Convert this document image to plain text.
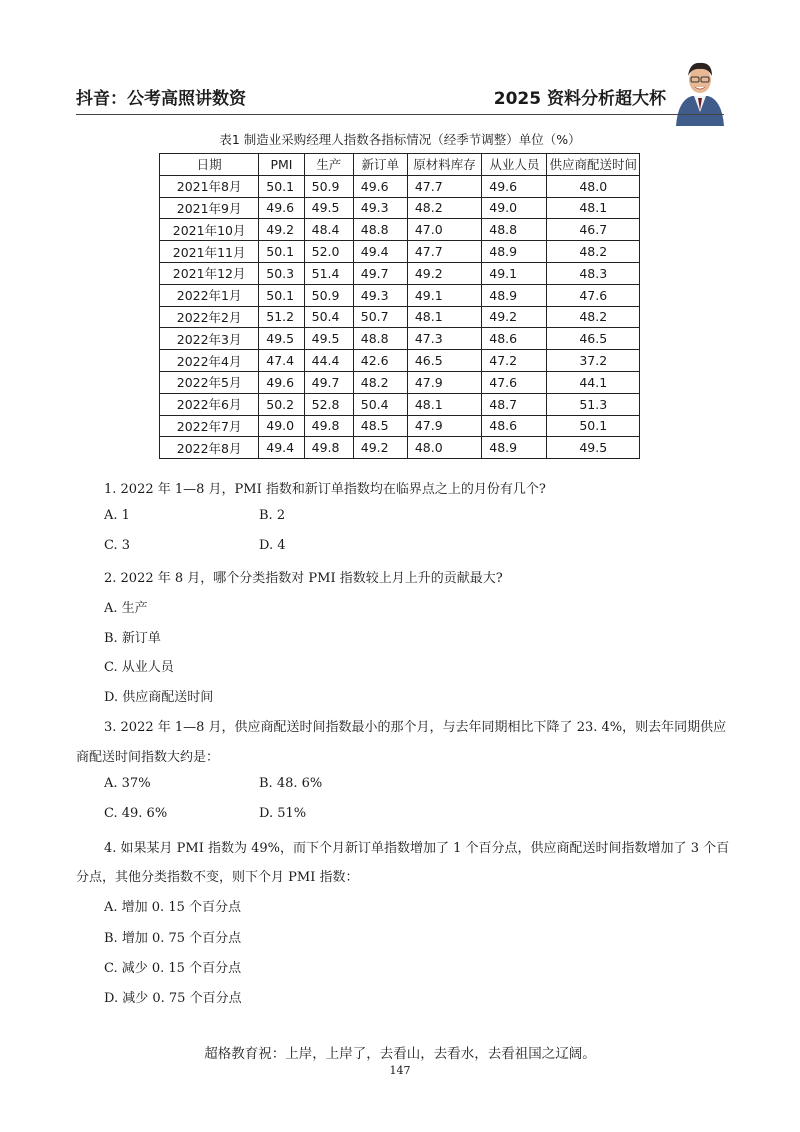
抖音：公考高照讲数资	2025 资料分析超大杯
表1 制造业采购经理人指数各指标情况（经季节调整）单位（%）
日期	PMI	生产	新订单	原材料库存	从业人员	供应商配送时间
2021年8月	50.1	50.9	49.6	47.7	49.6	48.0
2021年9月	49.6	49.5	49.3	48.2	49.0	48.1
2021年10月	49.2	48.4	48.8	47.0	48.8	46.7
2021年11月	50.1	52.0	49.4	47.7	48.9	48.2
2021年12月	50.3	51.4	49.7	49.2	49.1	48.3
2022年1月	50.1	50.9	49.3	49.1	48.9	47.6
2022年2月	51.2	50.4	50.7	48.1	49.2	48.2
2022年3月	49.5	49.5	48.8	47.3	48.6	46.5
2022年4月	47.4	44.4	42.6	46.5	47.2	37.2
2022年5月	49.6	49.7	48.2	47.9	47.6	44.1
2022年6月	50.2	52.8	50.4	48.1	48.7	51.3
2022年7月	49.0	49.8	48.5	47.9	48.6	50.1
2022年8月	49.4	49.8	49.2	48.0	48.9	49.5
1. 2022 年 1—8 月，PMI 指数和新订单指数均在临界点之上的月份有几个?
A. 1	B. 2
C. 3	D. 4
2. 2022 年 8 月，哪个分类指数对 PMI 指数较上月上升的贡献最大?
A. 生产
B. 新订单
C. 从业人员
D. 供应商配送时间
3. 2022 年 1—8 月，供应商配送时间指数最小的那个月，与去年同期相比下降了 23. 4%，则去年同期供应
商配送时间指数大约是：
A. 37%	B. 48. 6%
C. 49. 6%	D. 51%
4. 如果某月 PMI 指数为 49%，而下个月新订单指数增加了 1 个百分点，供应商配送时间指数增加了 3 个百
分点，其他分类指数不变，则下个月 PMI 指数：
A. 增加 0. 15 个百分点
B. 增加 0. 75 个百分点
C. 减少 0. 15 个百分点
D. 减少 0. 75 个百分点
超格教育祝：上岸，上岸了，去看山，去看水，去看祖国之辽阔。
147
